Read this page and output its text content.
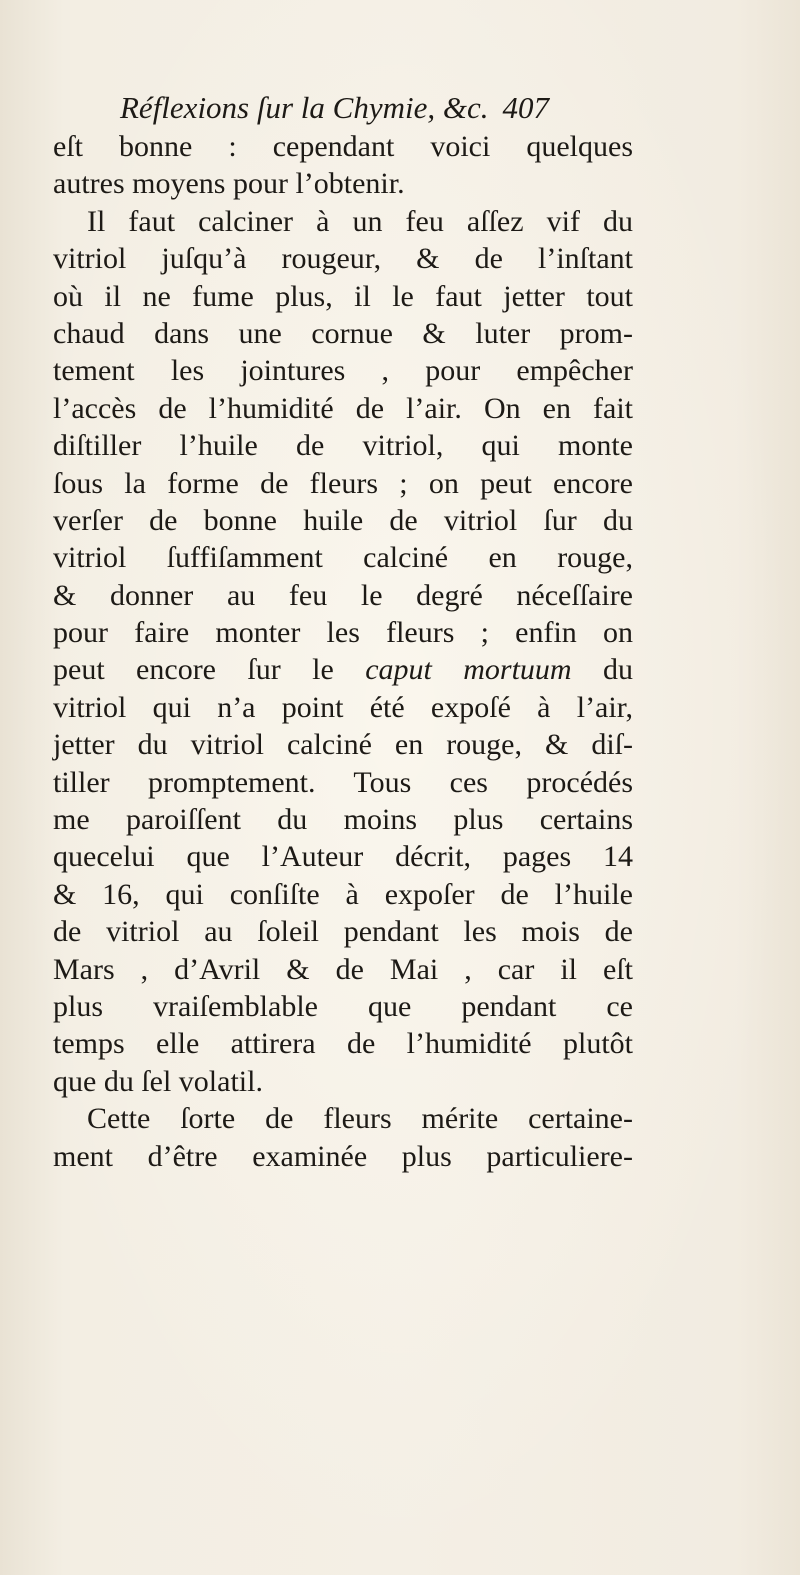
Réflexions ſur la Chymie, &c. 407
eſt bonne : cependant voici quelques
autres moyens pour l’obtenir.
Il faut calciner à un feu aſſez vif du
vitriol juſqu’à rougeur, & de l’inſtant
où il ne fume plus, il le faut jetter tout
chaud dans une cornue & luter prom-
tement les jointures , pour empêcher
l’accès de l’humidité de l’air. On en fait
diſtiller l’huile de vitriol, qui monte
ſous la forme de fleurs ; on peut encore
verſer de bonne huile de vitriol ſur du
vitriol ſuffiſamment calciné en rouge,
& donner au feu le degré néceſſaire
pour faire monter les fleurs ; enfin on
peut encore ſur le caput mortuum du
vitriol qui n’a point été expoſé à l’air,
jetter du vitriol calciné en rouge, & diſ-
tiller promptement. Tous ces procédés
me paroiſſent du moins plus certains
quecelui que l’Auteur décrit, pages 14
& 16, qui conſiſte à expoſer de l’huile
de vitriol au ſoleil pendant les mois de
Mars , d’Avril & de Mai , car il eſt
plus vraiſemblable que pendant ce
temps elle attirera de l’humidité plutôt
que du ſel volatil.
Cette ſorte de fleurs mérite certaine-
ment d’être examinée plus particuliere-
